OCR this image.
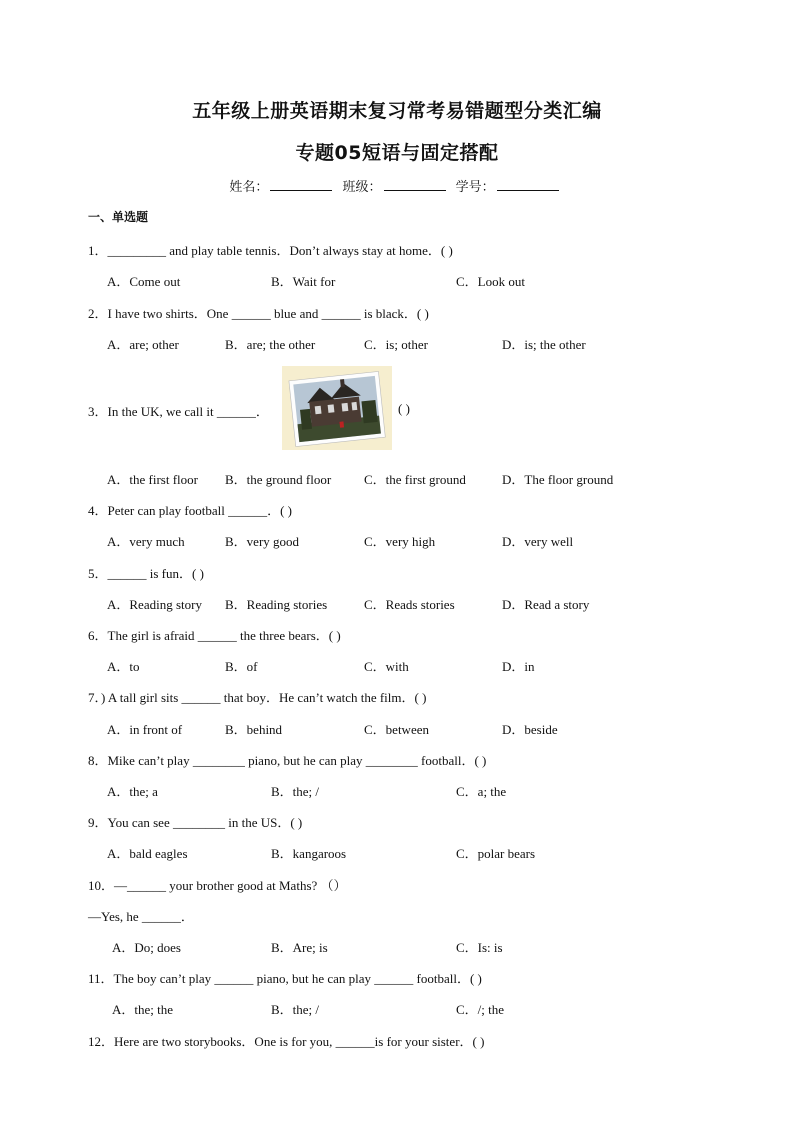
五年级上册英语期末复习常考易错题型分类汇编
专题05短语与固定搭配
姓名：	班级：	学号：
一、单选题
1．_________ and play table tennis．Don’t always stay at home．( )
A．Come out	B．Wait for	C．Look out
2．I have two shirts．One ______ blue and ______ is black．( )
A．are; other	B．are; the other	C．is; other	D．is; the other
3．In the UK, we call it ______．	( )
A．the first floor B．the ground floor	C．the first ground	D．The floor ground
4．Peter can play football ______．( )
A．very much	B．very good	C．very high	D．very well
5．______ is fun．( )
A．Reading story B．Reading stories	C．Reads stories	D．Read a story
6．The girl is afraid ______ the three bears．( )
A．to	B．of	C．with	D．in
7．) A tall girl sits ______ that boy．He can’t watch the film．( )
A．in front of	B．behind	C．between	D．beside
8．Mike can’t play ________ piano, but he can play ________ football．( )
A．the; a	B．the; /	C．a; the
9．You can see ________ in the US．( )
A．bald eagles	B．kangaroos	C．polar bears
10．—______ your brother good at Maths? （）
—Yes, he ______．
A．Do; does	B．Are; is	C．Is: is
11．The boy can’t play ______ piano, but he can play ______ football．( )
A．the; the	B．the; /	C．/; the
12．Here are two storybooks．One is for you, ______is for your sister．( )
